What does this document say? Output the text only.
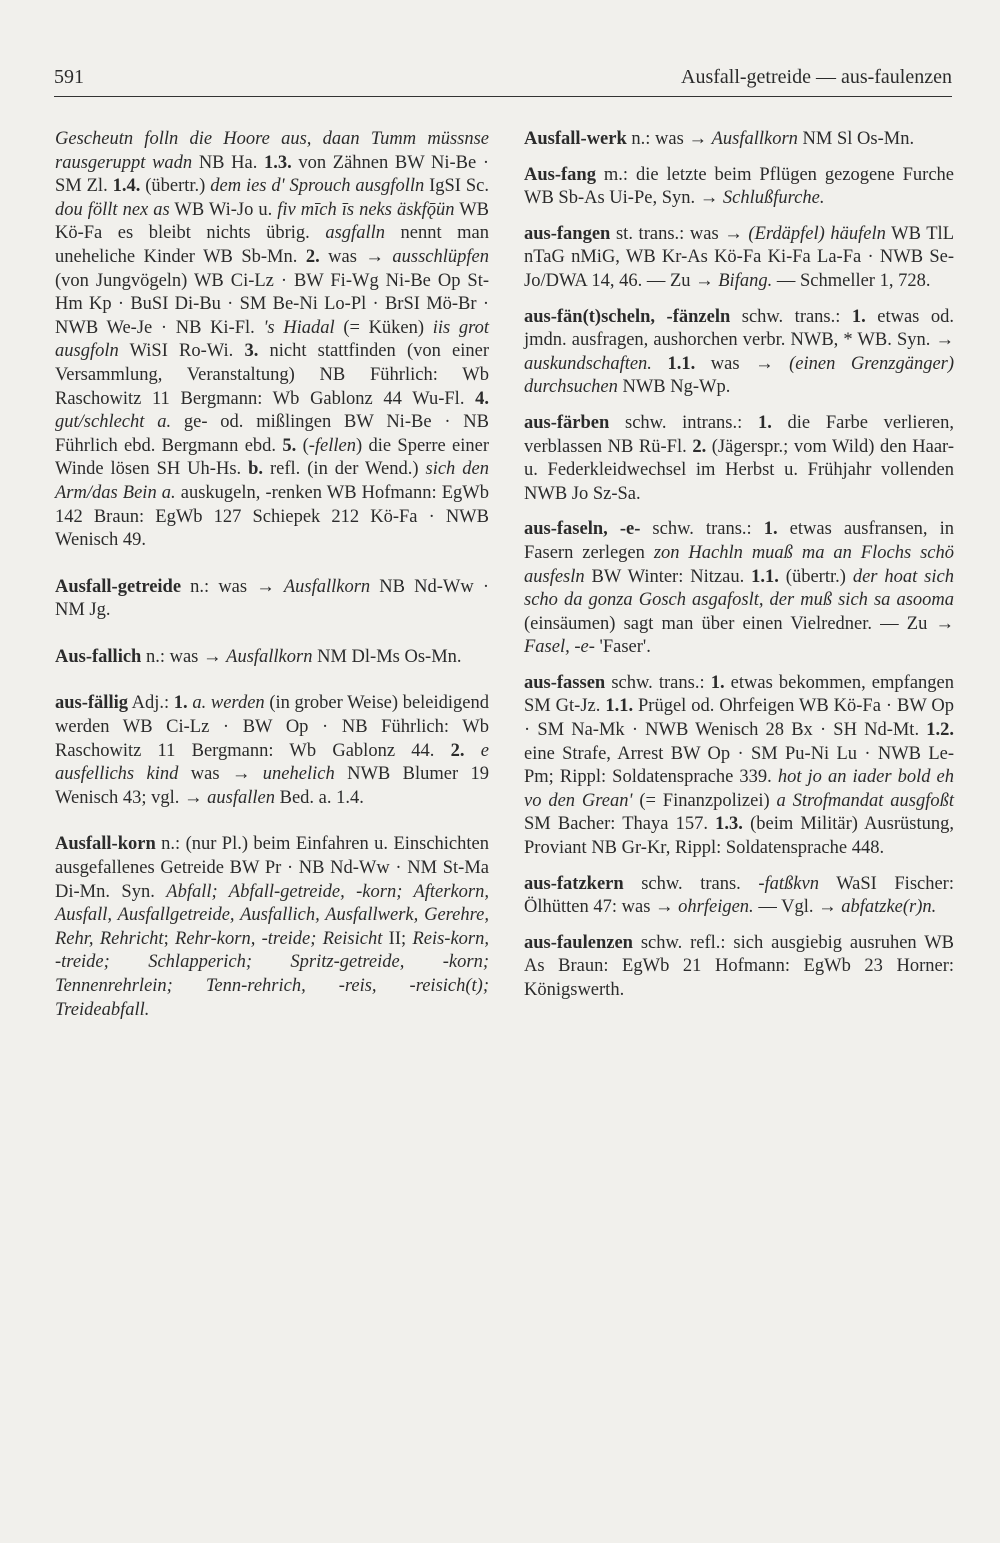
591	Ausfall-getreide — aus-faulenzen

Gescheutn folln die Hoore aus, daan Tumm müssnse rausgeruppt wadn NB Ha. 1.3. von Zähnen BW Ni-Be · SM Zl. 1.4. (übertr.) dem ies d' Sprouch ausgfolln IgSI Sc. dou föllt nex as WB Wi-Jo u. fiv mīch īs neks äskfǭün WB Kö-Fa es bleibt nichts übrig. asgfalln nennt man uneheliche Kinder WB Sb-Mn. 2. was → ausschlüpfen (von Jungvögeln) WB Ci-Lz · BW Fi-Wg Ni-Be Op St-Hm Kp · BuSI Di-Bu · SM Be-Ni Lo-Pl · BrSI Mö-Br · NWB We-Je · NB Ki-Fl. 's Hiadal (= Küken) iis grot ausgfoln WiSI Ro-Wi. 3. nicht stattfinden (von einer Versammlung, Veranstaltung) NB Führlich: Wb Raschowitz 11 Bergmann: Wb Gablonz 44 Wu-Fl. 4. gut/schlecht a. ge- od. mißlingen BW Ni-Be · NB Führlich ebd. Bergmann ebd. 5. (-fellen) die Sperre einer Winde lösen SH Uh-Hs. b. refl. (in der Wend.) sich den Arm/das Bein a. auskugeln, -renken WB Hofmann: EgWb 142 Braun: EgWb 127 Schiepek 212 Kö-Fa · NWB Wenisch 49.

Ausfall-getreide n.: was → Ausfallkorn NB Nd-Ww · NM Jg.

Aus-fallich n.: was → Ausfallkorn NM Dl-Ms Os-Mn.

aus-fällig Adj.: 1. a. werden (in grober Weise) beleidigend werden WB Ci-Lz · BW Op · NB Führlich: Wb Raschowitz 11 Bergmann: Wb Gablonz 44. 2. e ausfellichs kind was → unehelich NWB Blumer 19 Wenisch 43; vgl. → ausfallen Bed. a. 1.4.

Ausfall-korn n.: (nur Pl.) beim Einfahren u. Einschichten ausgefallenes Getreide BW Pr · NB Nd-Ww · NM St-Ma Di-Mn. Syn. Abfall; Abfall-getreide, -korn; Afterkorn, Ausfall, Ausfallgetreide, Ausfallich, Ausfallwerk, Gerehre, Rehr, Rehricht; Rehr-korn, -treide; Reisicht II; Reis-korn, -treide; Schlapperich; Spritz-getreide, -korn; Tennenrehrlein; Tenn-rehrich, -reis, -reisich(t); Treideabfall.

Ausfall-werk n.: was → Ausfallkorn NM Sl Os-Mn.

Aus-fang m.: die letzte beim Pflügen gezogene Furche WB Sb-As Ui-Pe, Syn. → Schlußfurche.

aus-fangen st. trans.: was → (Erdäpfel) häufeln WB TlL nTaG nMiG, WB Kr-As Kö-Fa Ki-Fa La-Fa · NWB Se-Jo/DWA 14, 46. — Zu → Bifang. — Schmeller 1, 728.

aus-fän(t)scheln, -fänzeln schw. trans.: 1. etwas od. jmdn. ausfragen, aushorchen verbr. NWB, * WB. Syn. → auskundschaften. 1.1. was → (einen Grenzgänger) durchsuchen NWB Ng-Wp.

aus-färben schw. intrans.: 1. die Farbe verlieren, verblassen NB Rü-Fl. 2. (Jägerspr.; vom Wild) den Haar- u. Federkleidwechsel im Herbst u. Frühjahr vollenden NWB Jo Sz-Sa.

aus-faseln, -e- schw. trans.: 1. etwas ausfransen, in Fasern zerlegen zon Hachln muaß ma an Flochs schö ausfesln BW Winter: Nitzau. 1.1. (übertr.) der hoat sich scho da gonza Gosch asgafoslt, der muß sich sa asooma (einsäumen) sagt man über einen Vielredner. — Zu → Fasel, -e- 'Faser'.

aus-fassen schw. trans.: 1. etwas bekommen, empfangen SM Gt-Jz. 1.1. Prügel od. Ohrfeigen WB Kö-Fa · BW Op · SM Na-Mk · NWB Wenisch 28 Bx · SH Nd-Mt. 1.2. eine Strafe, Arrest BW Op · SM Pu-Ni Lu · NWB Le-Pm; Rippl: Soldatensprache 339. hot jo an iader bold eh vo den Grean' (= Finanzpolizei) a Strofmandat ausgfoßt SM Bacher: Thaya 157. 1.3. (beim Militär) Ausrüstung, Proviant NB Gr-Kr, Rippl: Soldatensprache 448.

aus-fatzkern schw. trans. -fatßkvn WaSI Fischer: Ölhütten 47: was → ohrfeigen. — Vgl. → abfatzke(r)n.

aus-faulenzen schw. refl.: sich ausgiebig ausruhen WB As Braun: EgWb 21 Hofmann: EgWb 23 Horner: Königswerth.
